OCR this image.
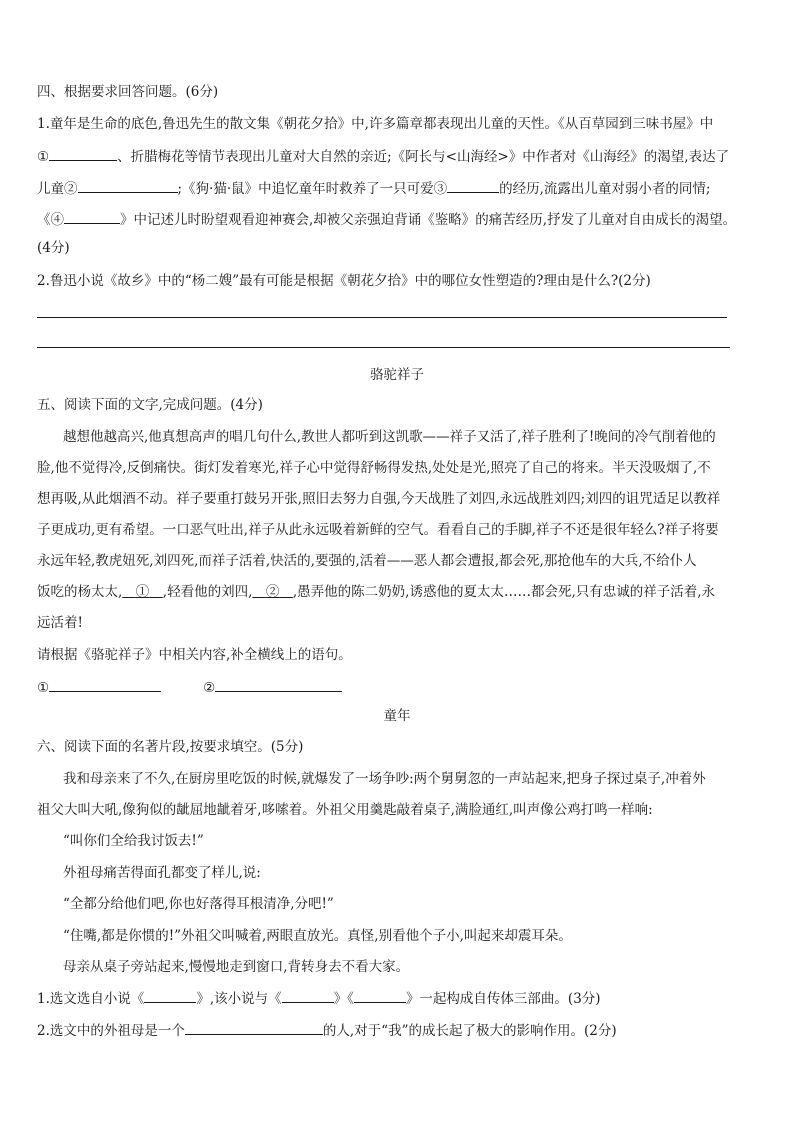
四、根据要求回答问题。(6分)
1.童年是生命的底色,鲁迅先生的散文集《朝花夕拾》中,许多篇章都表现出儿童的天性。《从百草园到三味书屋》中
①	、折腊梅花等情节表现出儿童对大自然的亲近;《阿长与<山海经>》中作者对《山海经》的渴望,表达了
儿童②	;《狗·猫·鼠》中追忆童年时救养了一只可爱③	的经历,流露出儿童对弱小者的同情;
《④	》中记述儿时盼望观看迎神赛会,却被父亲强迫背诵《鉴略》的痛苦经历,抒发了儿童对自由成长的渴望。
(4分)
2.鲁迅小说《故乡》中的“杨二嫂”最有可能是根据《朝花夕拾》中的哪位女性塑造的?理由是什么?(2分)
骆驼祥子
五、阅读下面的文字,完成问题。(4分)
越想他越高兴,他真想高声的唱几句什么,教世人都听到这凯歌——祥子又活了,祥子胜利了!晚间的冷气削着他的
脸,他不觉得冷,反倒痛快。街灯发着寒光,祥子心中觉得舒畅得发热,处处是光,照亮了自己的将来。半天没吸烟了,不
想再吸,从此烟酒不动。祥子要重打鼓另开张,照旧去努力自强,今天战胜了刘四,永远战胜刘四;刘四的诅咒适足以教祥
子更成功,更有希望。一口恶气吐出,祥子从此永远吸着新鲜的空气。看看自己的手脚,祥子不还是很年轻么?祥子将要
永远年轻,教虎妞死,刘四死,而祥子活着,快活的,要强的,活着——恶人都会遭报,都会死,那抢他车的大兵,不给仆人
饭吃的杨太太,  ①  ,轻看他的刘四,  ②  ,愚弄他的陈二奶奶,诱惑他的夏太太……都会死,只有忠诚的祥子活着,永
远活着!
请根据《骆驼祥子》中相关内容,补全横线上的语句。
①	②
童年
六、阅读下面的名著片段,按要求填空。(5分)
我和母亲来了不久,在厨房里吃饭的时候,就爆发了一场争吵:两个舅舅忽的一声站起来,把身子探过桌子,冲着外
祖父大叫大吼,像狗似的龇屈地龇着牙,哆嗦着。外祖父用羹匙敲着桌子,满脸通红,叫声像公鸡打鸣一样响:
“叫你们全给我讨饭去!”
外祖母痛苦得面孔都变了样儿,说:
“全都分给他们吧,你也好落得耳根清净,分吧!”
“住嘴,都是你惯的!”外祖父叫喊着,两眼直放光。真怪,别看他个子小,叫起来却震耳朵。
母亲从桌子旁站起来,慢慢地走到窗口,背转身去不看大家。
1.选文选自小说《	》,该小说与《	》《	》一起构成自传体三部曲。(3分)
2.选文中的外祖母是一个	的人,对于“我”的成长起了极大的影响作用。(2分)
